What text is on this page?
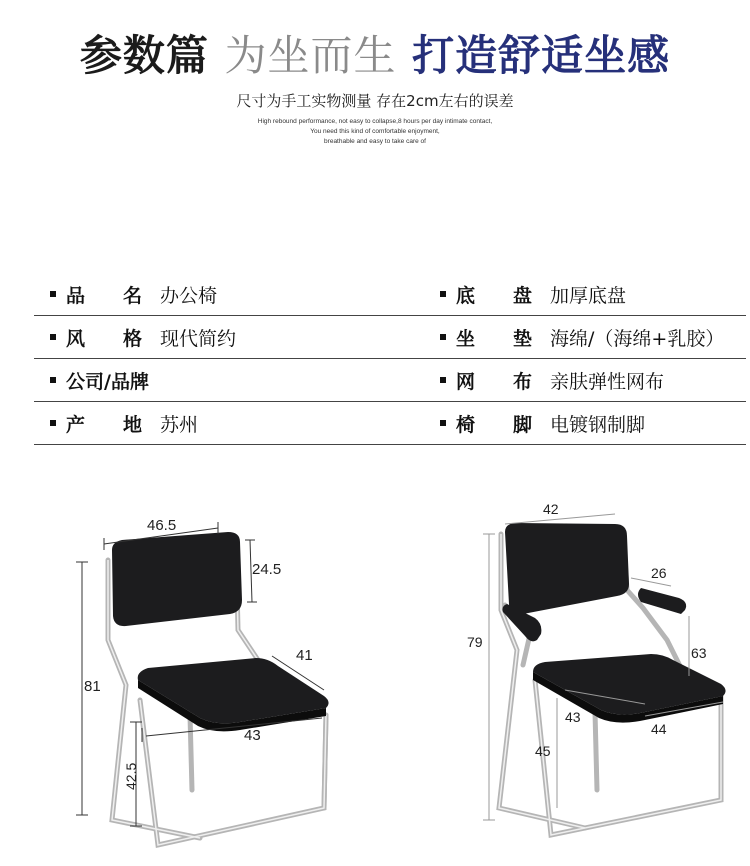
参数篇 为坐而生 打造舒适坐感
尺寸为手工实物测量 存在2cm左右的误差
High rebound performance, not easy to collapse,8 hours per day intimate contact,
You need this kind of comfortable enjoyment,
breathable and easy to take care of
品 名 办公椅	底 盘 加厚底盘
风 格 现代简约	坐 垫 海绵/（海绵+乳胶）
公司/品牌	网 布 亲肤弹性网布
产 地 苏州	椅 脚 电镀钢制脚
46.5
24.5
41
81
43
42.5
42
26
79
63
43
44
45
